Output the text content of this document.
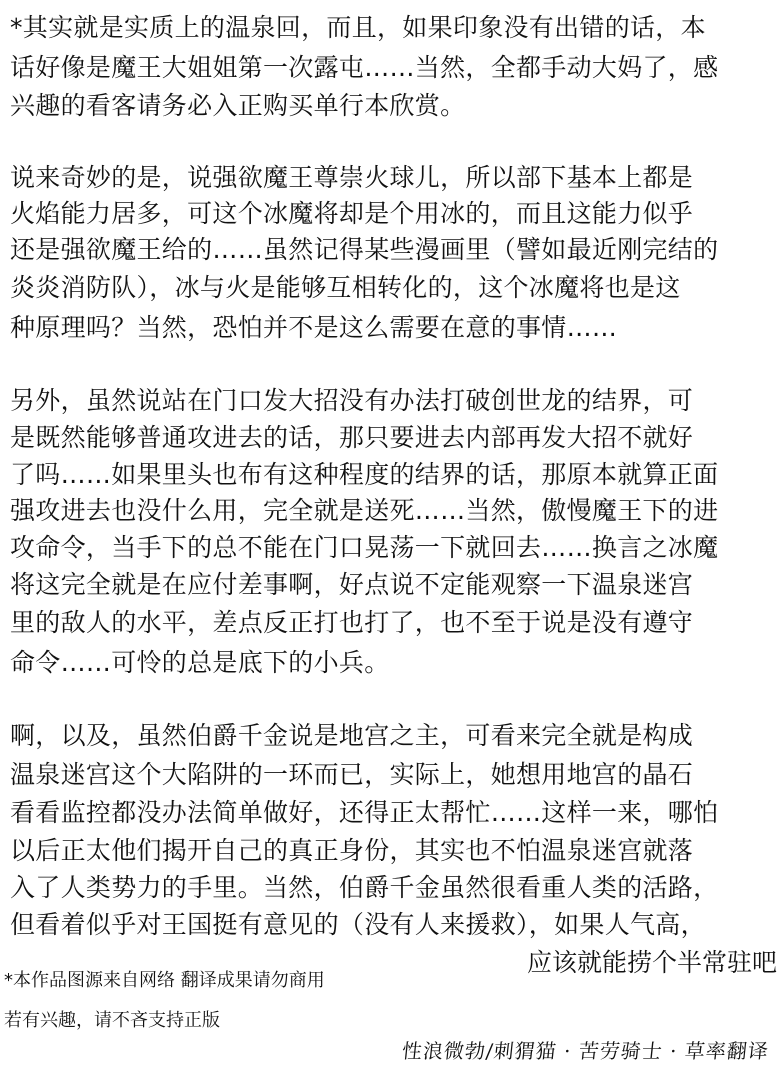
*其实就是实质上的温泉回，而且，如果印象没有出错的话，本
话好像是魔王大姐姐第一次露屯……当然，全都手动大妈了，感
兴趣的看客请务必入正购买单行本欣赏。
说来奇妙的是，说强欲魔王尊崇火球儿，所以部下基本上都是
火焰能力居多，可这个冰魔将却是个用冰的，而且这能力似乎
还是强欲魔王给的……虽然记得某些漫画里（譬如最近刚完结的
炎炎消防队），冰与火是能够互相转化的，这个冰魔将也是这
种原理吗？当然，恐怕并不是这么需要在意的事情……
另外，虽然说站在门口发大招没有办法打破创世龙的结界，可
是既然能够普通攻进去的话，那只要进去内部再发大招不就好
了吗……如果里头也布有这种程度的结界的话，那原本就算正面
强攻进去也没什么用，完全就是送死……当然，傲慢魔王下的进
攻命令，当手下的总不能在门口晃荡一下就回去……换言之冰魔
将这完全就是在应付差事啊，好点说不定能观察一下温泉迷宫
里的敌人的水平，差点反正打也打了，也不至于说是没有遵守
命令……可怜的总是底下的小兵。
啊，以及，虽然伯爵千金说是地宫之主，可看来完全就是构成
温泉迷宫这个大陷阱的一环而已，实际上，她想用地宫的晶石
看看监控都没办法简单做好，还得正太帮忙……这样一来，哪怕
以后正太他们揭开自己的真正身份，其实也不怕温泉迷宫就落
入了人类势力的手里。当然，伯爵千金虽然很看重人类的活路，
但看着似乎对王国挺有意见的（没有人来援救），如果人气高，
应该就能捞个半常驻吧
*本作品图源来自网络 翻译成果请勿商用
若有兴趣，请不吝支持正版
性浪微勃/刺猬猫 · 苦劳骑士 · 草率翻译
